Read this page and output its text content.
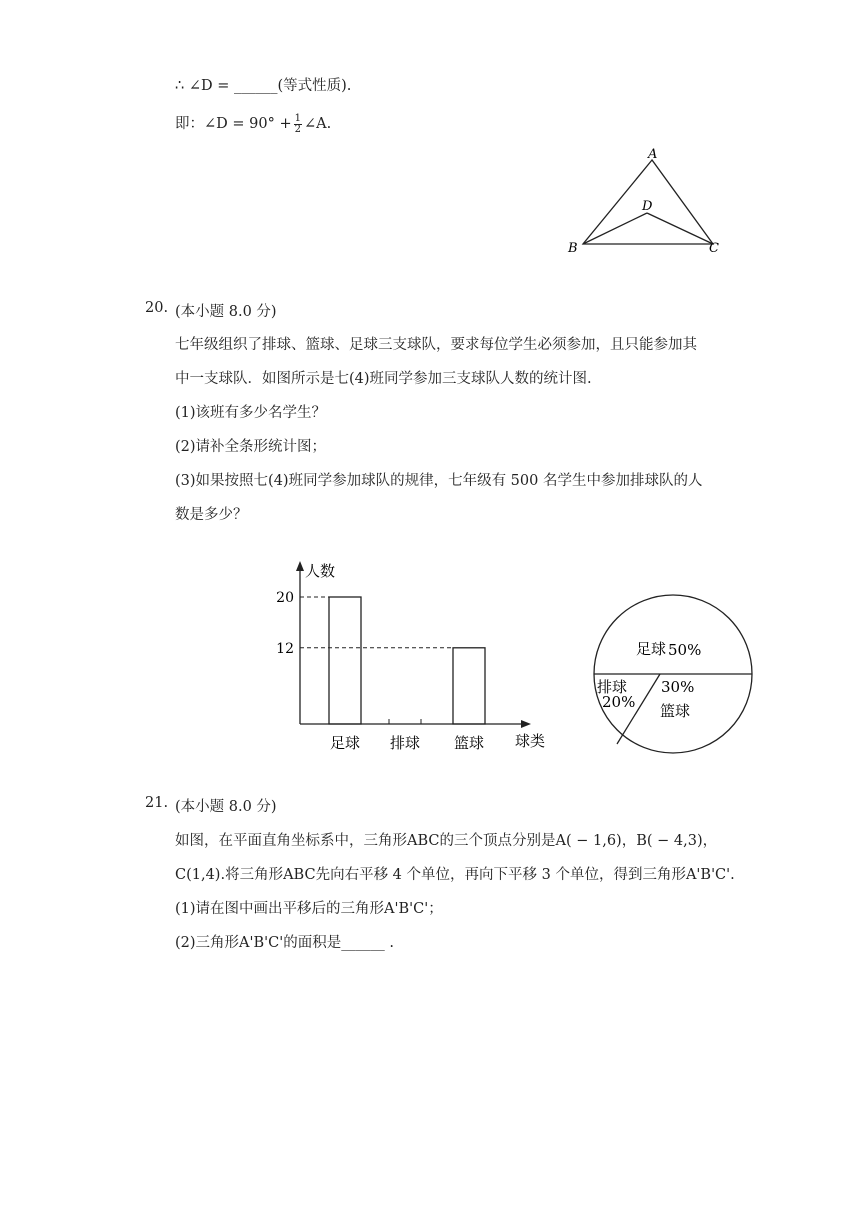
∴ ∠D = ______(等式性质).
即：∠D = $90^\circ + \frac{1}{2}$ ∠A.
A
D
B	C
20. (本小题 8.0 分)
七年级组织了排球、篮球、足球三支球队，要求每位学生必须参加，且只能参加其
中一支球队．如图所示是七(4)班同学参加三支球队人数的统计图.
(1)该班有多少名学生？
(2)请补全条形统计图；
(3)如果按照七(4)班同学参加球队的规律，七年级有 500 名学生中参加排球队的人
数是多少？
20
12
足球 排球 篮球
人数
球类
足球 50%
篮球
30%
排球
20%
21. (本小题 8.0 分)
如图，在平面直角坐标系中，三角形ABC的三个顶点分别是A( − 1,6)，B( − 4,3)，
C(1,4).将三角形ABC先向右平移 4 个单位，再向下平移 3 个单位，得到三角形A'B'C'.
(1)请在图中画出平移后的三角形A'B'C'；
(2)三角形A'B'C'的面积是______ .
